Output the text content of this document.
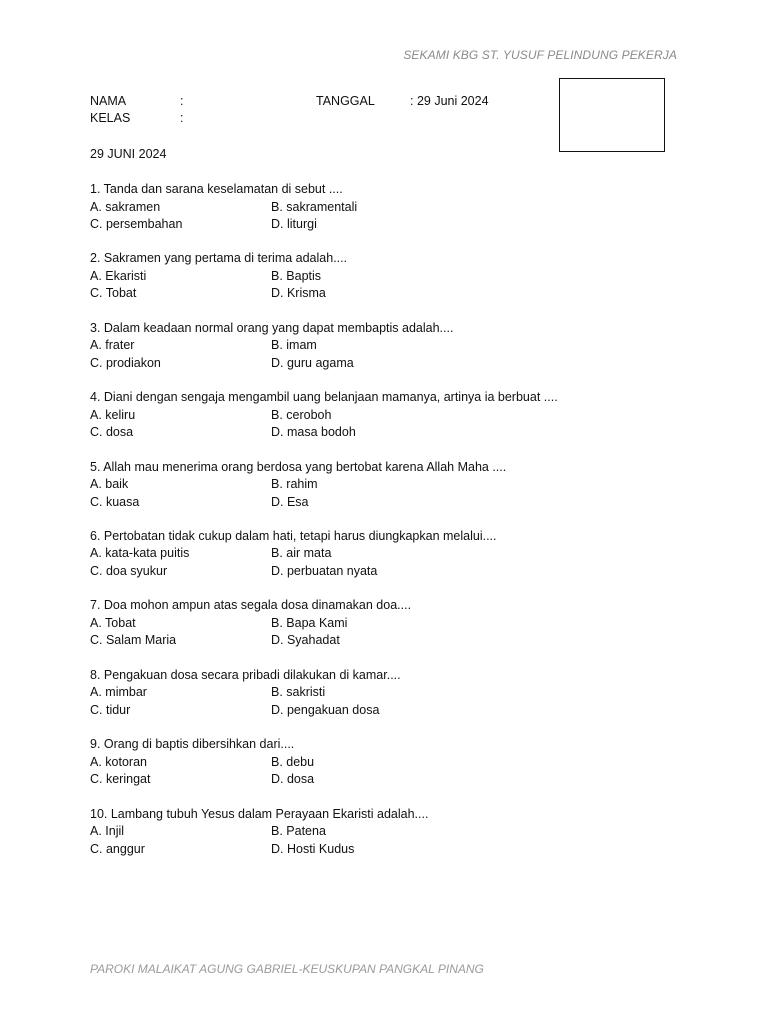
SEKAMI KBG ST. YUSUF PELINDUNG PEKERJA
NAMA	:	TANGGAL	: 29 Juni 2024
KELAS	:
29 JUNI 2024
1. Tanda dan sarana keselamatan di sebut ....
A. sakramen	B. sakramentali
C. persembahan	D. liturgi
2. Sakramen yang pertama di terima adalah....
A. Ekaristi	B. Baptis
C. Tobat	D. Krisma
3. Dalam keadaan normal orang yang dapat membaptis adalah....
A. frater	B. imam
C. prodiakon	D. guru agama
4. Diani dengan sengaja mengambil uang belanjaan mamanya, artinya ia berbuat ....
A. keliru	B. ceroboh
C. dosa	D. masa bodoh
5. Allah mau menerima orang berdosa yang bertobat karena Allah Maha ....
A. baik	B. rahim
C. kuasa	D. Esa
6. Pertobatan tidak cukup dalam hati, tetapi harus diungkapkan melalui....
A. kata-kata puitis	B. air mata
C. doa syukur	D. perbuatan nyata
7. Doa mohon ampun atas segala dosa dinamakan doa....
A. Tobat	B. Bapa Kami
C. Salam Maria	D. Syahadat
8. Pengakuan dosa secara pribadi dilakukan di kamar....
A. mimbar	B. sakristi
C. tidur	D. pengakuan dosa
9. Orang di baptis dibersihkan dari....
A. kotoran	B. debu
C. keringat	D. dosa
10. Lambang tubuh Yesus dalam Perayaan Ekaristi adalah....
A. Injil	B. Patena
C. anggur	D. Hosti Kudus
PAROKI MALAIKAT AGUNG GABRIEL-KEUSKUPAN PANGKAL PINANG
